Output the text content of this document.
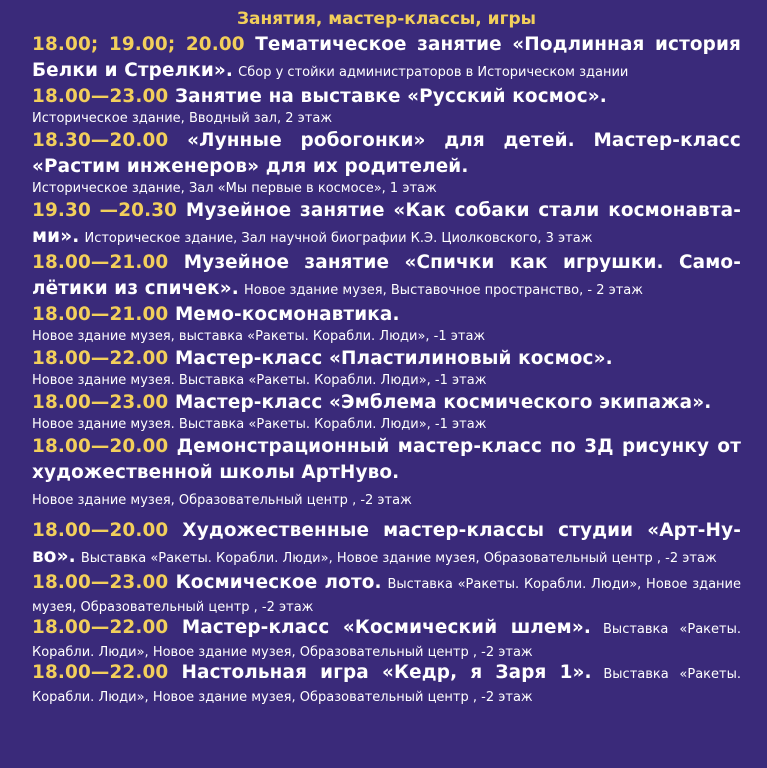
Занятия, мастер-классы, игры
18.00; 19.00; 20.00 Тематическое занятие «Подлинная история Белки и Стрелки». Сбор у стойки администраторов в Историческом здании
18.00—23.00 Занятие на выставке «Русский космос».
Историческое здание, Вводный зал, 2 этаж
18.30—20.00 «Лунные робогонки» для детей. Мастер-класс «Растим инженеров» для их родителей.
Историческое здание, Зал «Мы первые в космосе», 1 этаж
19.30 —20.30 Музейное занятие «Как собаки стали космонавта-ми». Историческое здание, Зал научной биографии К.Э. Циолковского, 3 этаж
18.00—21.00 Музейное занятие «Спички как игрушки. Само-лётики из спичек». Новое здание музея, Выставочное пространство, - 2 этаж
18.00—21.00 Мемо-космонавтика.
Новое здание музея, выставка «Ракеты. Корабли. Люди», -1 этаж
18.00—22.00 Мастер-класс «Пластилиновый космос».
Новое здание музея. Выставка «Ракеты. Корабли. Люди», -1 этаж
18.00—23.00 Мастер-класс «Эмблема космического экипажа».
Новое здание музея. Выставка «Ракеты. Корабли. Люди», -1 этаж
18.00—20.00 Демонстрационный мастер-класс по 3Д рисунку от художественной школы АртНуво.
Новое здание музея, Образовательный центр , -2 этаж
18.00—20.00 Художественные мастер-классы студии «Арт-Ну-во». Выставка «Ракеты. Корабли. Люди», Новое здание музея, Образовательный центр , -2 этаж
18.00—23.00 Космическое лото. Выставка «Ракеты. Корабли. Люди», Новое здание музея, Образовательный центр , -2 этаж
18.00—22.00 Мастер-класс «Космический шлем». Выставка «Ракеты. Корабли. Люди», Новое здание музея, Образовательный центр , -2 этаж
18.00—22.00 Настольная игра «Кедр, я Заря 1». Выставка «Ракеты. Корабли. Люди», Новое здание музея, Образовательный центр , -2 этаж
